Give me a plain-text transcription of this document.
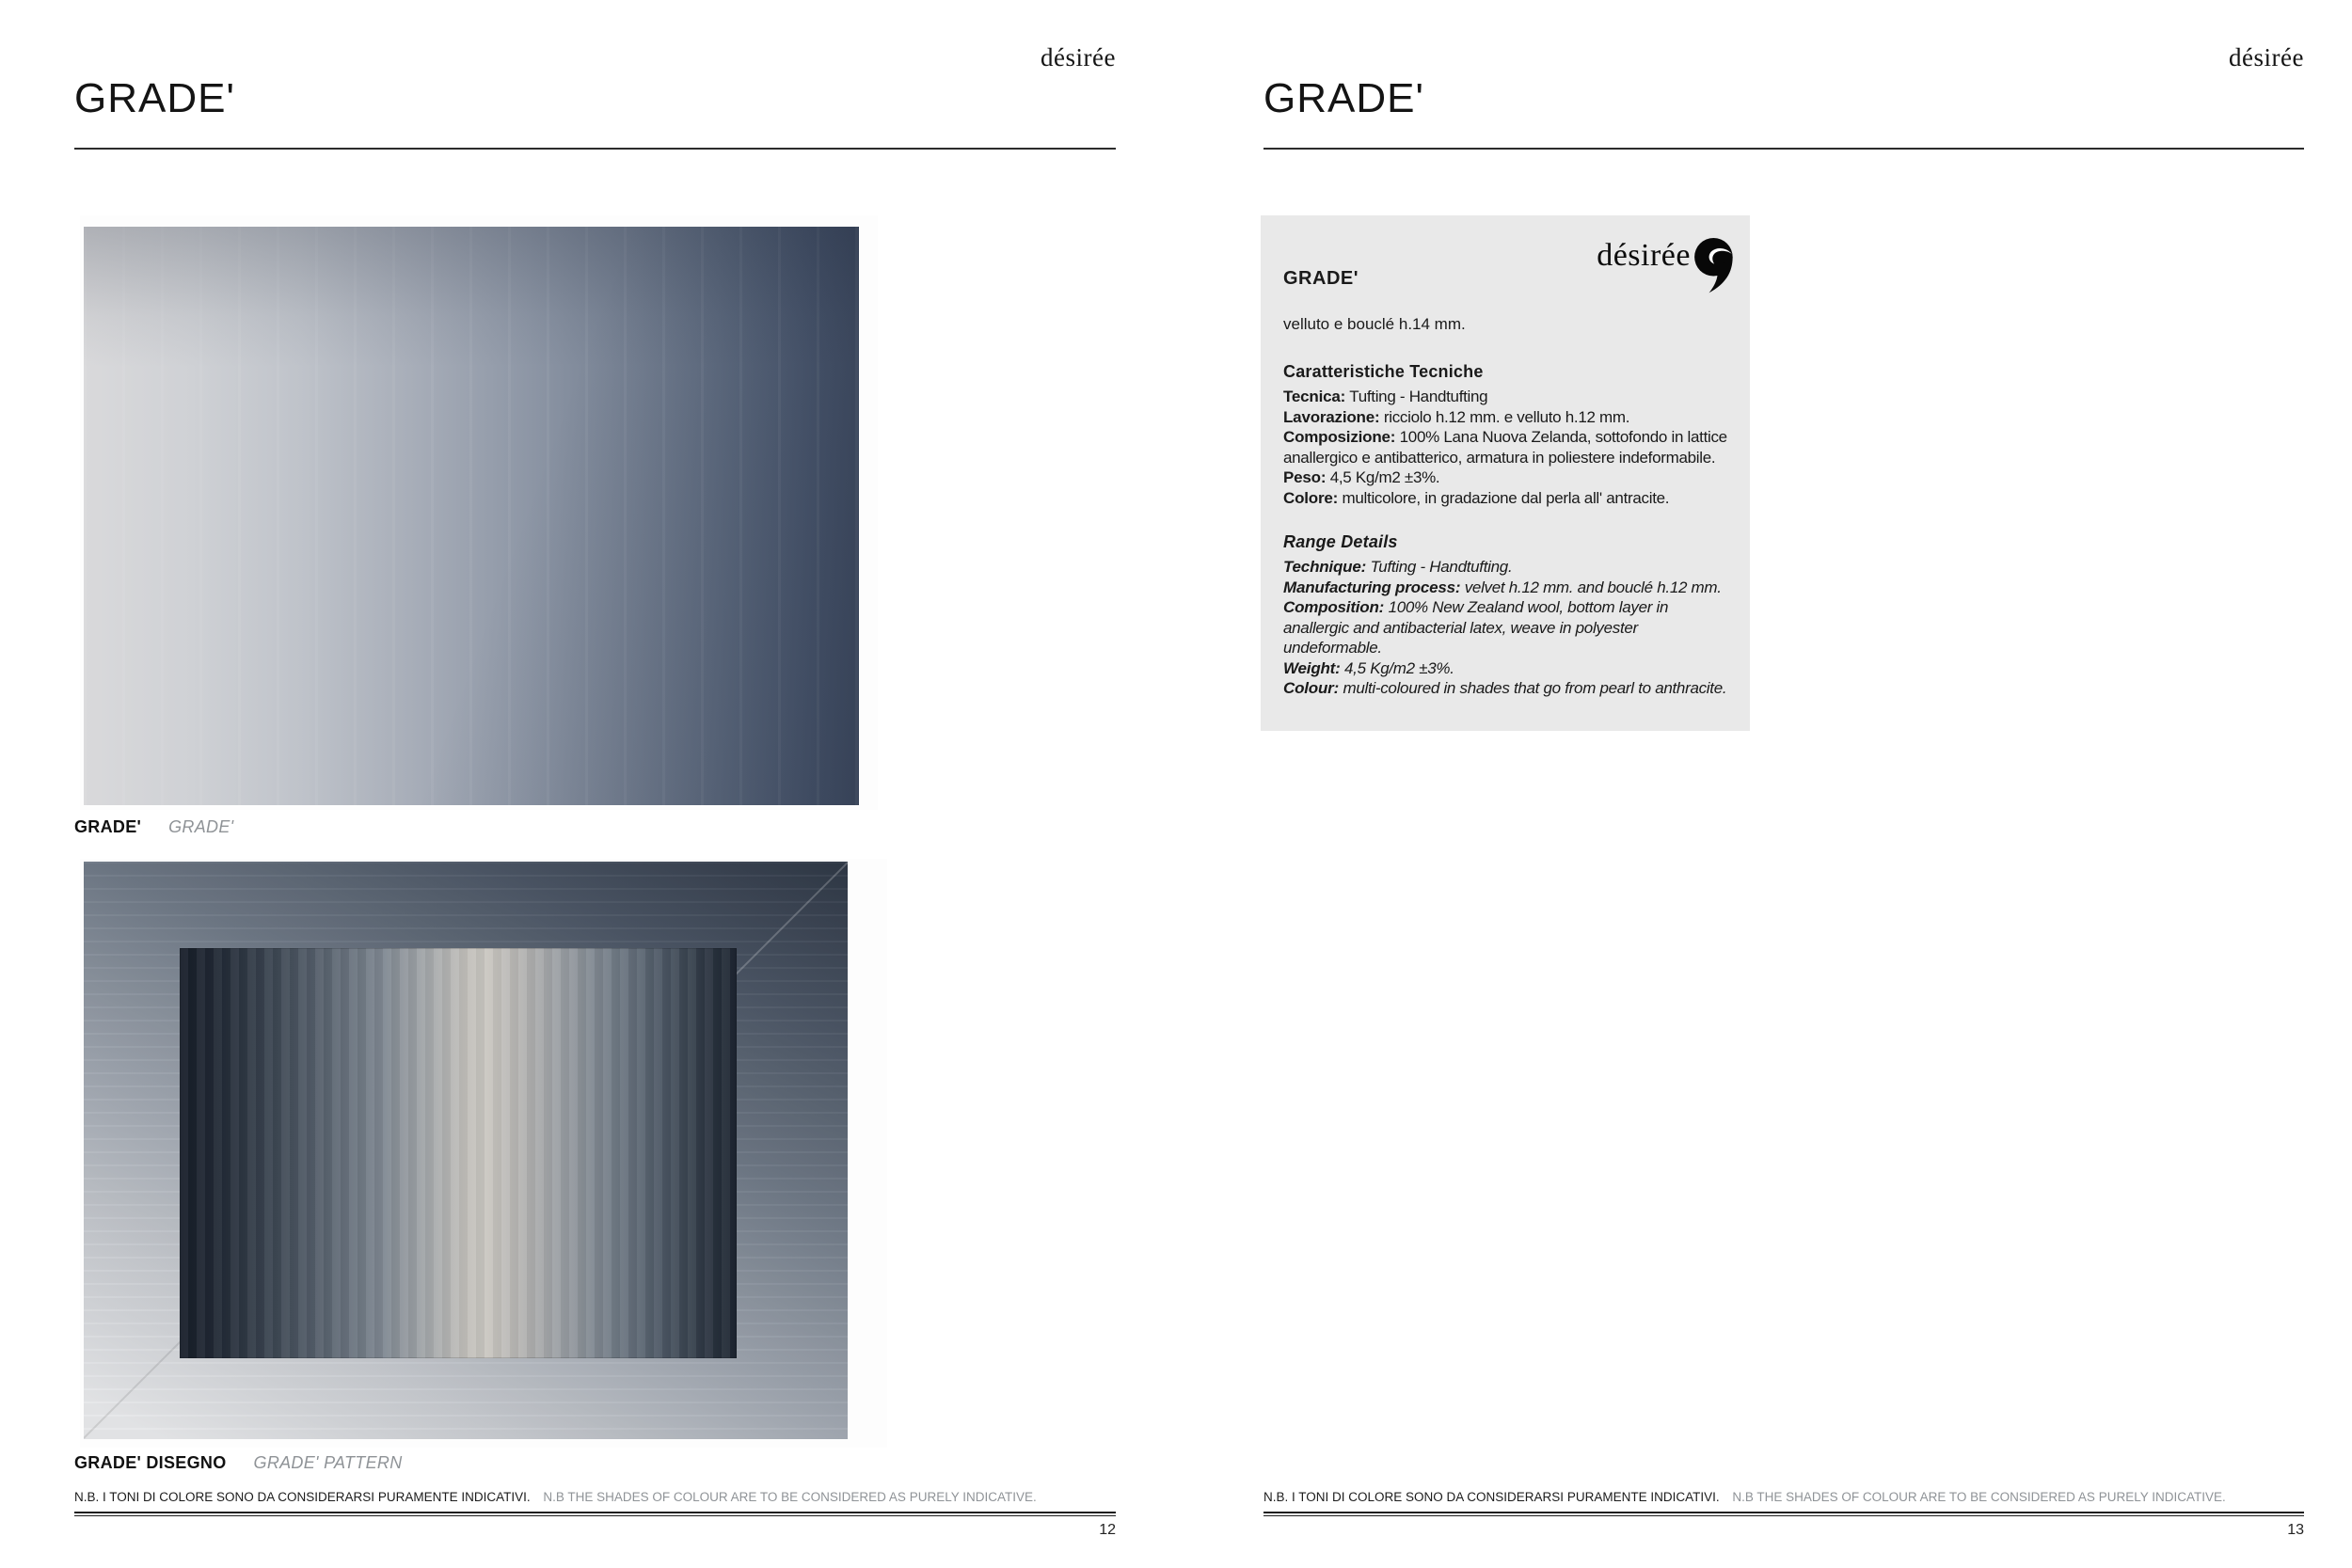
désirée
GRADE'
GRADE' GRADE'
GRADE' DISEGNO GRADE' PATTERN
N.B. I TONI DI COLORE SONO DA CONSIDERARSI PURAMENTE INDICATIVI. N.B THE SHADES OF COLOUR ARE TO BE CONSIDERED AS PURELY INDICATIVE.
12
désirée
GRADE'
désirée
GRADE'
velluto e bouclé h.14 mm.
Caratteristiche Tecniche

Tecnica: Tufting - Handtufting

Lavorazione: ricciolo h.12 mm. e velluto h.12 mm.

Composizione: 100% Lana Nuova Zelanda, sottofondo in lattice anallergico e antibatterico, armatura in poliestere indeformabile.

Peso: 4,5 Kg/m2 ±3%.

Colore: multicolore, in gradazione dal perla all' antracite.

Range Details

Technique: Tufting - Handtufting.

Manufacturing process: velvet h.12 mm. and bouclé h.12 mm.

Composition: 100% New Zealand wool, bottom layer in anallergic and antibacterial latex, weave in polyester undeformable.

Weight: 4,5 Kg/m2 ±3%.

Colour: multi-coloured in shades that go from pearl to anthracite.

N.B. I TONI DI COLORE SONO DA CONSIDERARSI PURAMENTE INDICATIVI. N.B THE SHADES OF COLOUR ARE TO BE CONSIDERED AS PURELY INDICATIVE.
13
